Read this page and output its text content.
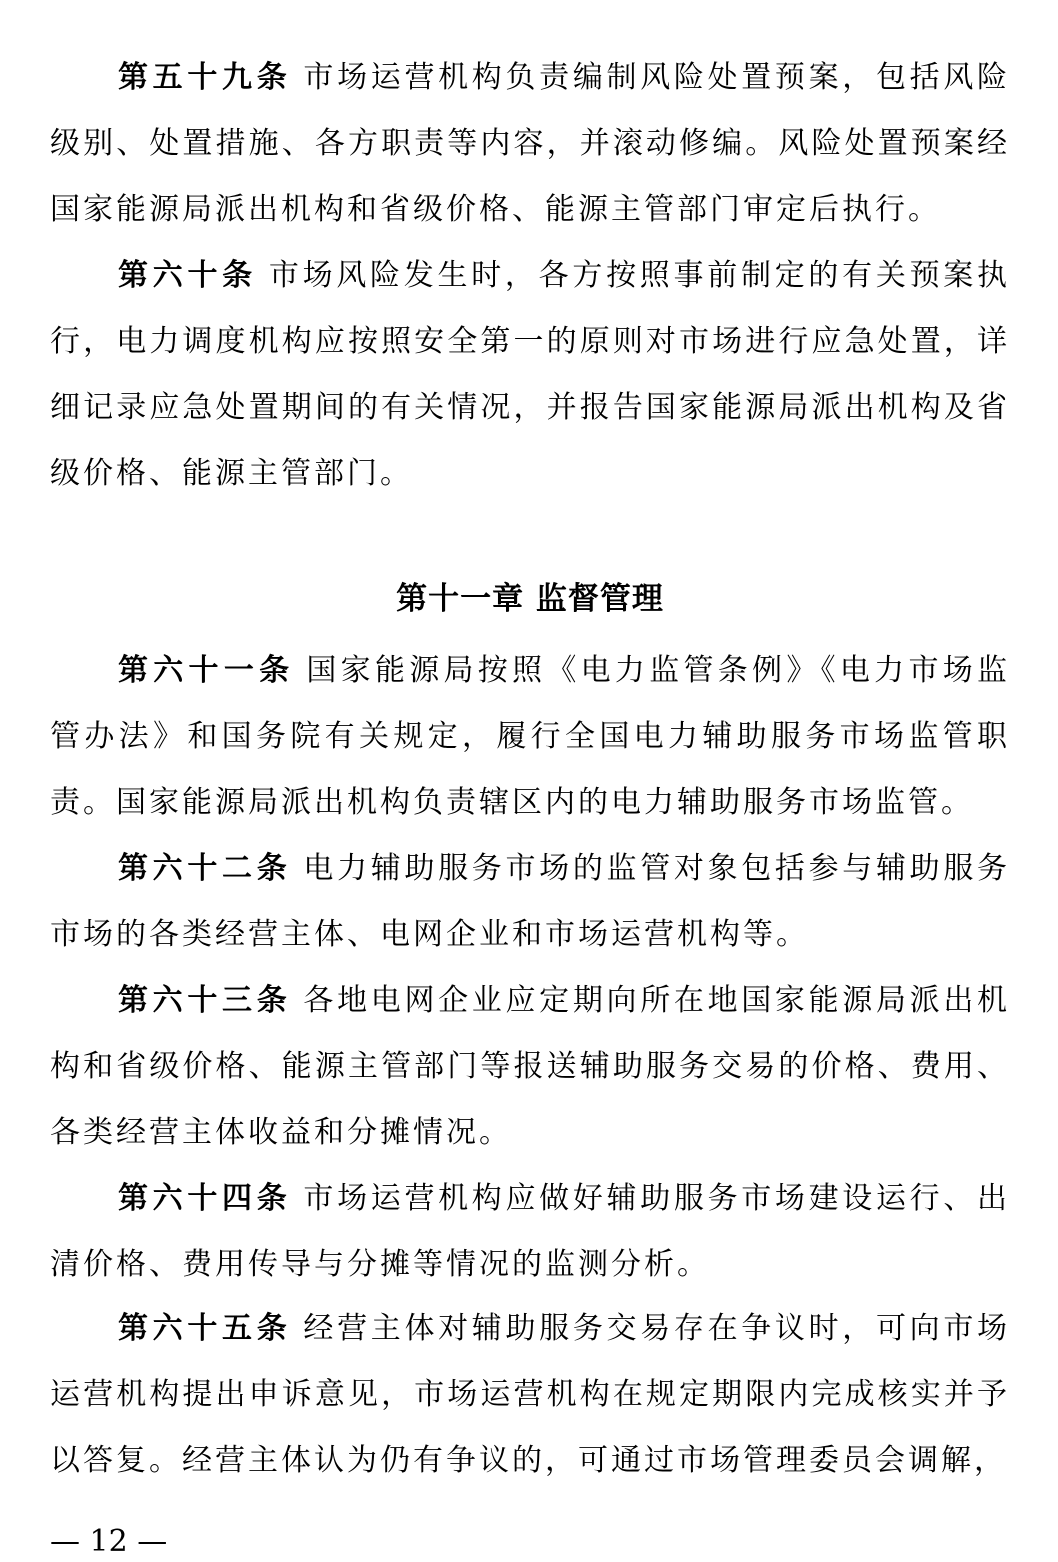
第五十九条 市场运营机构负责编制风险处置预案，包括风险级别、处置措施、各方职责等内容，并滚动修编。风险处置预案经国家能源局派出机构和省级价格、能源主管部门审定后执行。

第六十条 市场风险发生时，各方按照事前制定的有关预案执行，电力调度机构应按照安全第一的原则对市场进行应急处置，详细记录应急处置期间的有关情况，并报告国家能源局派出机构及省级价格、能源主管部门。

第十一章 监督管理

第六十一条 国家能源局按照《电力监管条例》《电力市场监管办法》和国务院有关规定，履行全国电力辅助服务市场监管职责。国家能源局派出机构负责辖区内的电力辅助服务市场监管。

第六十二条 电力辅助服务市场的监管对象包括参与辅助服务市场的各类经营主体、电网企业和市场运营机构等。

第六十三条 各地电网企业应定期向所在地国家能源局派出机构和省级价格、能源主管部门等报送辅助服务交易的价格、费用、各类经营主体收益和分摊情况。

第六十四条 市场运营机构应做好辅助服务市场建设运行、出清价格、费用传导与分摊等情况的监测分析。

第六十五条 经营主体对辅助服务交易存在争议时，可向市场运营机构提出申诉意见，市场运营机构在规定期限内完成核实并予以答复。经营主体认为仍有争议的，可通过市场管理委员会调解，

— 12 —
